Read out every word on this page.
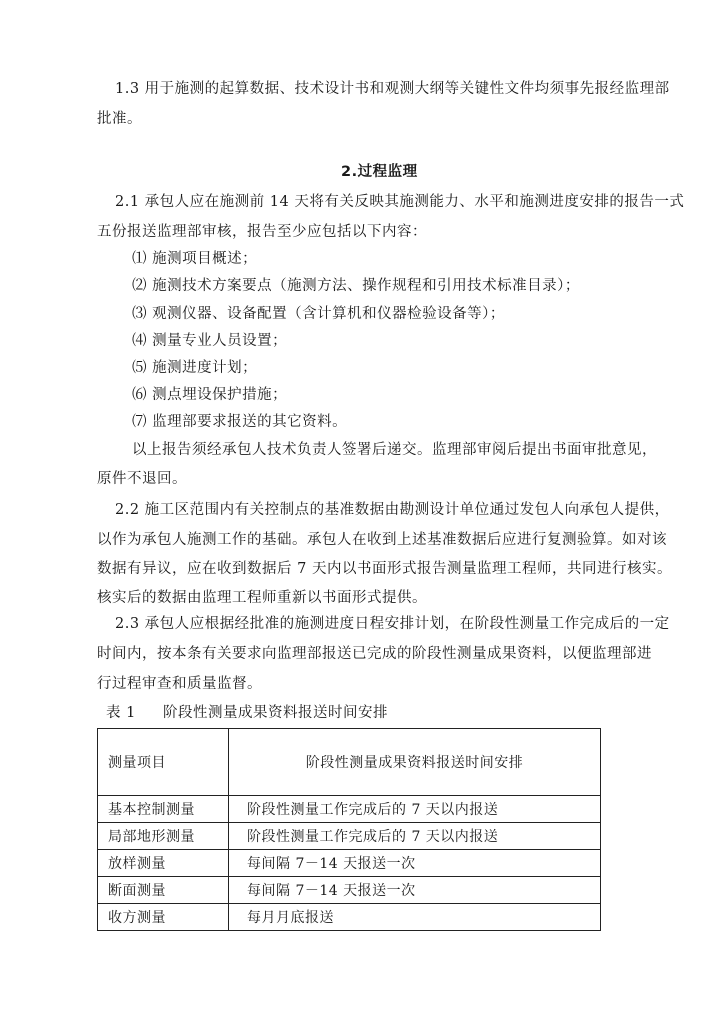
1.3 用于施测的起算数据、技术设计书和观测大纲等关键性文件均须事先报经监理部
批准。
2.过程监理
2.1 承包人应在施测前 14 天将有关反映其施测能力、水平和施测进度安排的报告一式
五份报送监理部审核，报告至少应包括以下内容：
⑴ 施测项目概述；
⑵ 施测技术方案要点（施测方法、操作规程和引用技术标准目录）；
⑶ 观测仪器、设备配置（含计算机和仪器检验设备等）；
⑷ 测量专业人员设置；
⑸ 施测进度计划；
⑹ 测点埋设保护措施；
⑺ 监理部要求报送的其它资料。
以上报告须经承包人技术负责人签署后递交。监理部审阅后提出书面审批意见，
原件不退回。
2.2 施工区范围内有关控制点的基准数据由勘测设计单位通过发包人向承包人提供，
以作为承包人施测工作的基础。承包人在收到上述基准数据后应进行复测验算。如对该
数据有异议，应在收到数据后 7 天内以书面形式报告测量监理工程师，共同进行核实。
核实后的数据由监理工程师重新以书面形式提供。
2.3 承包人应根据经批准的施测进度日程安排计划，在阶段性测量工作完成后的一定
时间内，按本条有关要求向监理部报送已完成的阶段性测量成果资料，以便监理部进
行过程审查和质量监督。
表 1 阶段性测量成果资料报送时间安排
测量项目	阶段性测量成果资料报送时间安排
基本控制测量	阶段性测量工作完成后的 7 天以内报送
局部地形测量	阶段性测量工作完成后的 7 天以内报送
放样测量	每间隔 7－14 天报送一次
断面测量	每间隔 7－14 天报送一次
收方测量	每月月底报送
